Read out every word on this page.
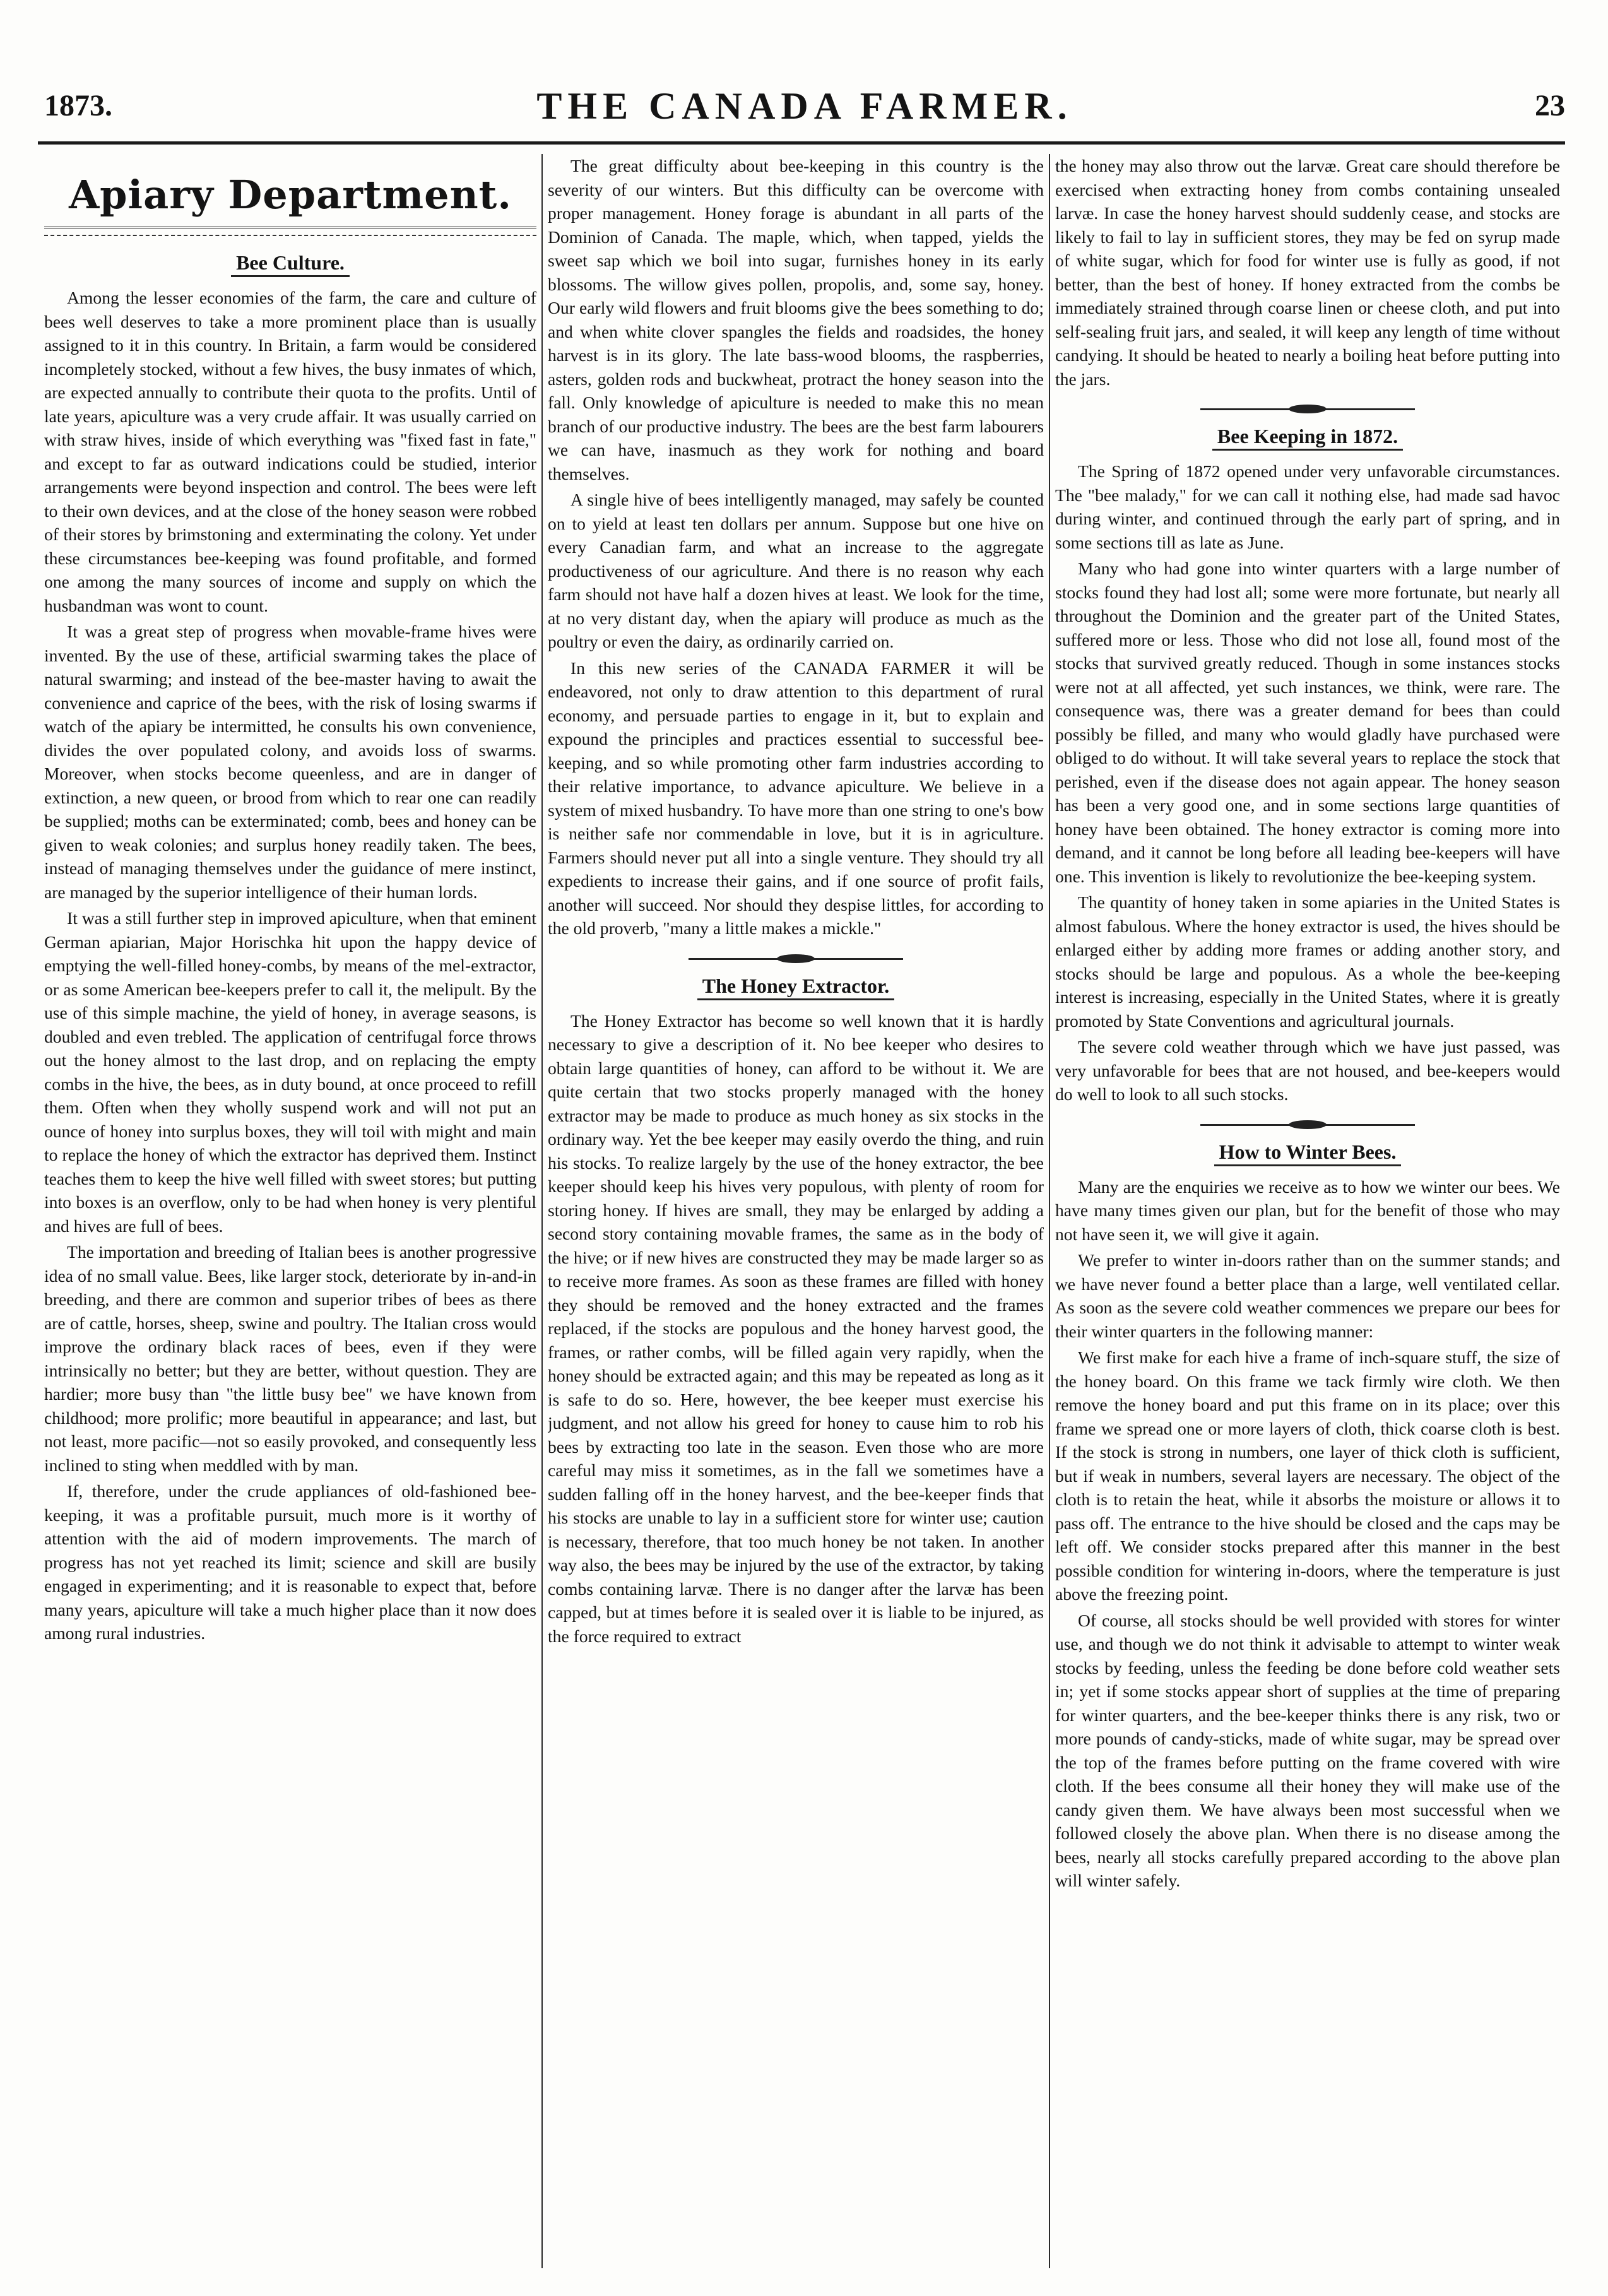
1873.	THE CANADA FARMER.	23
Apiary Department.
Bee Culture.

Among the lesser economies of the farm, the care and culture of bees well deserves to take a more prominent place than is usually assigned to it in this country. In Britain, a farm would be considered incompletely stocked, without a few hives, the busy inmates of which, are expected annually to contribute their quota to the profits. Until of late years, apiculture was a very crude affair. It was usually carried on with straw hives, inside of which everything was "fixed fast in fate," and except to far as outward indications could be studied, interior arrangements were beyond inspection and control. The bees were left to their own devices, and at the close of the honey season were robbed of their stores by brimstoning and exterminating the colony. Yet under these circumstances bee-keeping was found profitable, and formed one among the many sources of income and supply on which the husbandman was wont to count.

It was a great step of progress when movable-frame hives were invented. By the use of these, artificial swarming takes the place of natural swarming; and instead of the bee-master having to await the convenience and caprice of the bees, with the risk of losing swarms if watch of the apiary be intermitted, he consults his own convenience, divides the over populated colony, and avoids loss of swarms. Moreover, when stocks become queenless, and are in danger of extinction, a new queen, or brood from which to rear one can readily be supplied; moths can be exterminated; comb, bees and honey can be given to weak colonies; and surplus honey readily taken. The bees, instead of managing themselves under the guidance of mere instinct, are managed by the superior intelligence of their human lords.

It was a still further step in improved apiculture, when that eminent German apiarian, Major Horischka hit upon the happy device of emptying the well-filled honey-combs, by means of the mel-extractor, or as some American bee-keepers prefer to call it, the melipult. By the use of this simple machine, the yield of honey, in average seasons, is doubled and even trebled. The application of centrifugal force throws out the honey almost to the last drop, and on replacing the empty combs in the hive, the bees, as in duty bound, at once proceed to refill them. Often when they wholly suspend work and will not put an ounce of honey into surplus boxes, they will toil with might and main to replace the honey of which the extractor has deprived them. Instinct teaches them to keep the hive well filled with sweet stores; but putting into boxes is an overflow, only to be had when honey is very plentiful and hives are full of bees.

The importation and breeding of Italian bees is another progressive idea of no small value. Bees, like larger stock, deteriorate by in-and-in breeding, and there are common and superior tribes of bees as there are of cattle, horses, sheep, swine and poultry. The Italian cross would improve the ordinary black races of bees, even if they were intrinsically no better; but they are better, without question. They are hardier; more busy than "the little busy bee" we have known from childhood; more prolific; more beautiful in appearance; and last, but not least, more pacific—not so easily provoked, and consequently less inclined to sting when meddled with by man.

If, therefore, under the crude appliances of old-fashioned bee-keeping, it was a profitable pursuit, much more is it worthy of attention with the aid of modern improvements. The march of progress has not yet reached its limit; science and skill are busily engaged in experimenting; and it is reasonable to expect that, before many years, apiculture will take a much higher place than it now does among rural industries.

The great difficulty about bee-keeping in this country is the severity of our winters. But this difficulty can be overcome with proper management. Honey forage is abundant in all parts of the Dominion of Canada. The maple, which, when tapped, yields the sweet sap which we boil into sugar, furnishes honey in its early blossoms. The willow gives pollen, propolis, and, some say, honey. Our early wild flowers and fruit blooms give the bees something to do; and when white clover spangles the fields and roadsides, the honey harvest is in its glory. The late bass-wood blooms, the raspberries, asters, golden rods and buckwheat, protract the honey season into the fall. Only knowledge of apiculture is needed to make this no mean branch of our productive industry. The bees are the best farm labourers we can have, inasmuch as they work for nothing and board themselves.

A single hive of bees intelligently managed, may safely be counted on to yield at least ten dollars per annum. Suppose but one hive on every Canadian farm, and what an increase to the aggregate productiveness of our agriculture. And there is no reason why each farm should not have half a dozen hives at least. We look for the time, at no very distant day, when the apiary will produce as much as the poultry or even the dairy, as ordinarily carried on.

In this new series of the CANADA FARMER it will be endeavored, not only to draw attention to this department of rural economy, and persuade parties to engage in it, but to explain and expound the principles and practices essential to successful bee-keeping, and so while promoting other farm industries according to their relative importance, to advance apiculture. We believe in a system of mixed husbandry. To have more than one string to one's bow is neither safe nor commendable in love, but it is in agriculture. Farmers should never put all into a single venture. They should try all expedients to increase their gains, and if one source of profit fails, another will succeed. Nor should they despise littles, for according to the old proverb, "many a little makes a mickle."

The Honey Extractor.

The Honey Extractor has become so well known that it is hardly necessary to give a description of it. No bee keeper who desires to obtain large quantities of honey, can afford to be without it. We are quite certain that two stocks properly managed with the honey extractor may be made to produce as much honey as six stocks in the ordinary way. Yet the bee keeper may easily overdo the thing, and ruin his stocks. To realize largely by the use of the honey extractor, the bee keeper should keep his hives very populous, with plenty of room for storing honey. If hives are small, they may be enlarged by adding a second story containing movable frames, the same as in the body of the hive; or if new hives are constructed they may be made larger so as to receive more frames. As soon as these frames are filled with honey they should be removed and the honey extracted and the frames replaced, if the stocks are populous and the honey harvest good, the frames, or rather combs, will be filled again very rapidly, when the honey should be extracted again; and this may be repeated as long as it is safe to do so. Here, however, the bee keeper must exercise his judgment, and not allow his greed for honey to cause him to rob his bees by extracting too late in the season. Even those who are more careful may miss it sometimes, as in the fall we sometimes have a sudden falling off in the honey harvest, and the bee-keeper finds that his stocks are unable to lay in a sufficient store for winter use; caution is necessary, therefore, that too much honey be not taken. In another way also, the bees may be injured by the use of the extractor, by taking combs containing larvæ. There is no danger after the larvæ has been capped, but at times before it is sealed over it is liable to be injured, as the force required to extract

the honey may also throw out the larvæ. Great care should therefore be exercised when extracting honey from combs containing unsealed larvæ. In case the honey harvest should suddenly cease, and stocks are likely to fail to lay in sufficient stores, they may be fed on syrup made of white sugar, which for food for winter use is fully as good, if not better, than the best of honey. If honey extracted from the combs be immediately strained through coarse linen or cheese cloth, and put into self-sealing fruit jars, and sealed, it will keep any length of time without candying. It should be heated to nearly a boiling heat before putting into the jars.

Bee Keeping in 1872.

The Spring of 1872 opened under very unfavorable circumstances. The "bee malady," for we can call it nothing else, had made sad havoc during winter, and continued through the early part of spring, and in some sections till as late as June.

Many who had gone into winter quarters with a large number of stocks found they had lost all; some were more fortunate, but nearly all throughout the Dominion and the greater part of the United States, suffered more or less. Those who did not lose all, found most of the stocks that survived greatly reduced. Though in some instances stocks were not at all affected, yet such instances, we think, were rare. The consequence was, there was a greater demand for bees than could possibly be filled, and many who would gladly have purchased were obliged to do without. It will take several years to replace the stock that perished, even if the disease does not again appear. The honey season has been a very good one, and in some sections large quantities of honey have been obtained. The honey extractor is coming more into demand, and it cannot be long before all leading bee-keepers will have one. This invention is likely to revolutionize the bee-keeping system.

The quantity of honey taken in some apiaries in the United States is almost fabulous. Where the honey extractor is used, the hives should be enlarged either by adding more frames or adding another story, and stocks should be large and populous. As a whole the bee-keeping interest is increasing, especially in the United States, where it is greatly promoted by State Conventions and agricultural journals.

The severe cold weather through which we have just passed, was very unfavorable for bees that are not housed, and bee-keepers would do well to look to all such stocks.

How to Winter Bees.

Many are the enquiries we receive as to how we winter our bees. We have many times given our plan, but for the benefit of those who may not have seen it, we will give it again.

We prefer to winter in-doors rather than on the summer stands; and we have never found a better place than a large, well ventilated cellar. As soon as the severe cold weather commences we prepare our bees for their winter quarters in the following manner:

We first make for each hive a frame of inch-square stuff, the size of the honey board. On this frame we tack firmly wire cloth. We then remove the honey board and put this frame on in its place; over this frame we spread one or more layers of cloth, thick coarse cloth is best. If the stock is strong in numbers, one layer of thick cloth is sufficient, but if weak in numbers, several layers are necessary. The object of the cloth is to retain the heat, while it absorbs the moisture or allows it to pass off. The entrance to the hive should be closed and the caps may be left off. We consider stocks prepared after this manner in the best possible condition for wintering in-doors, where the temperature is just above the freezing point.

Of course, all stocks should be well provided with stores for winter use, and though we do not think it advisable to attempt to winter weak stocks by feeding, unless the feeding be done before cold weather sets in; yet if some stocks appear short of supplies at the time of preparing for winter quarters, and the bee-keeper thinks there is any risk, two or more pounds of candy-sticks, made of white sugar, may be spread over the top of the frames before putting on the frame covered with wire cloth. If the bees consume all their honey they will make use of the candy given them. We have always been most successful when we followed closely the above plan. When there is no disease among the bees, nearly all stocks carefully prepared according to the above plan will winter safely.
